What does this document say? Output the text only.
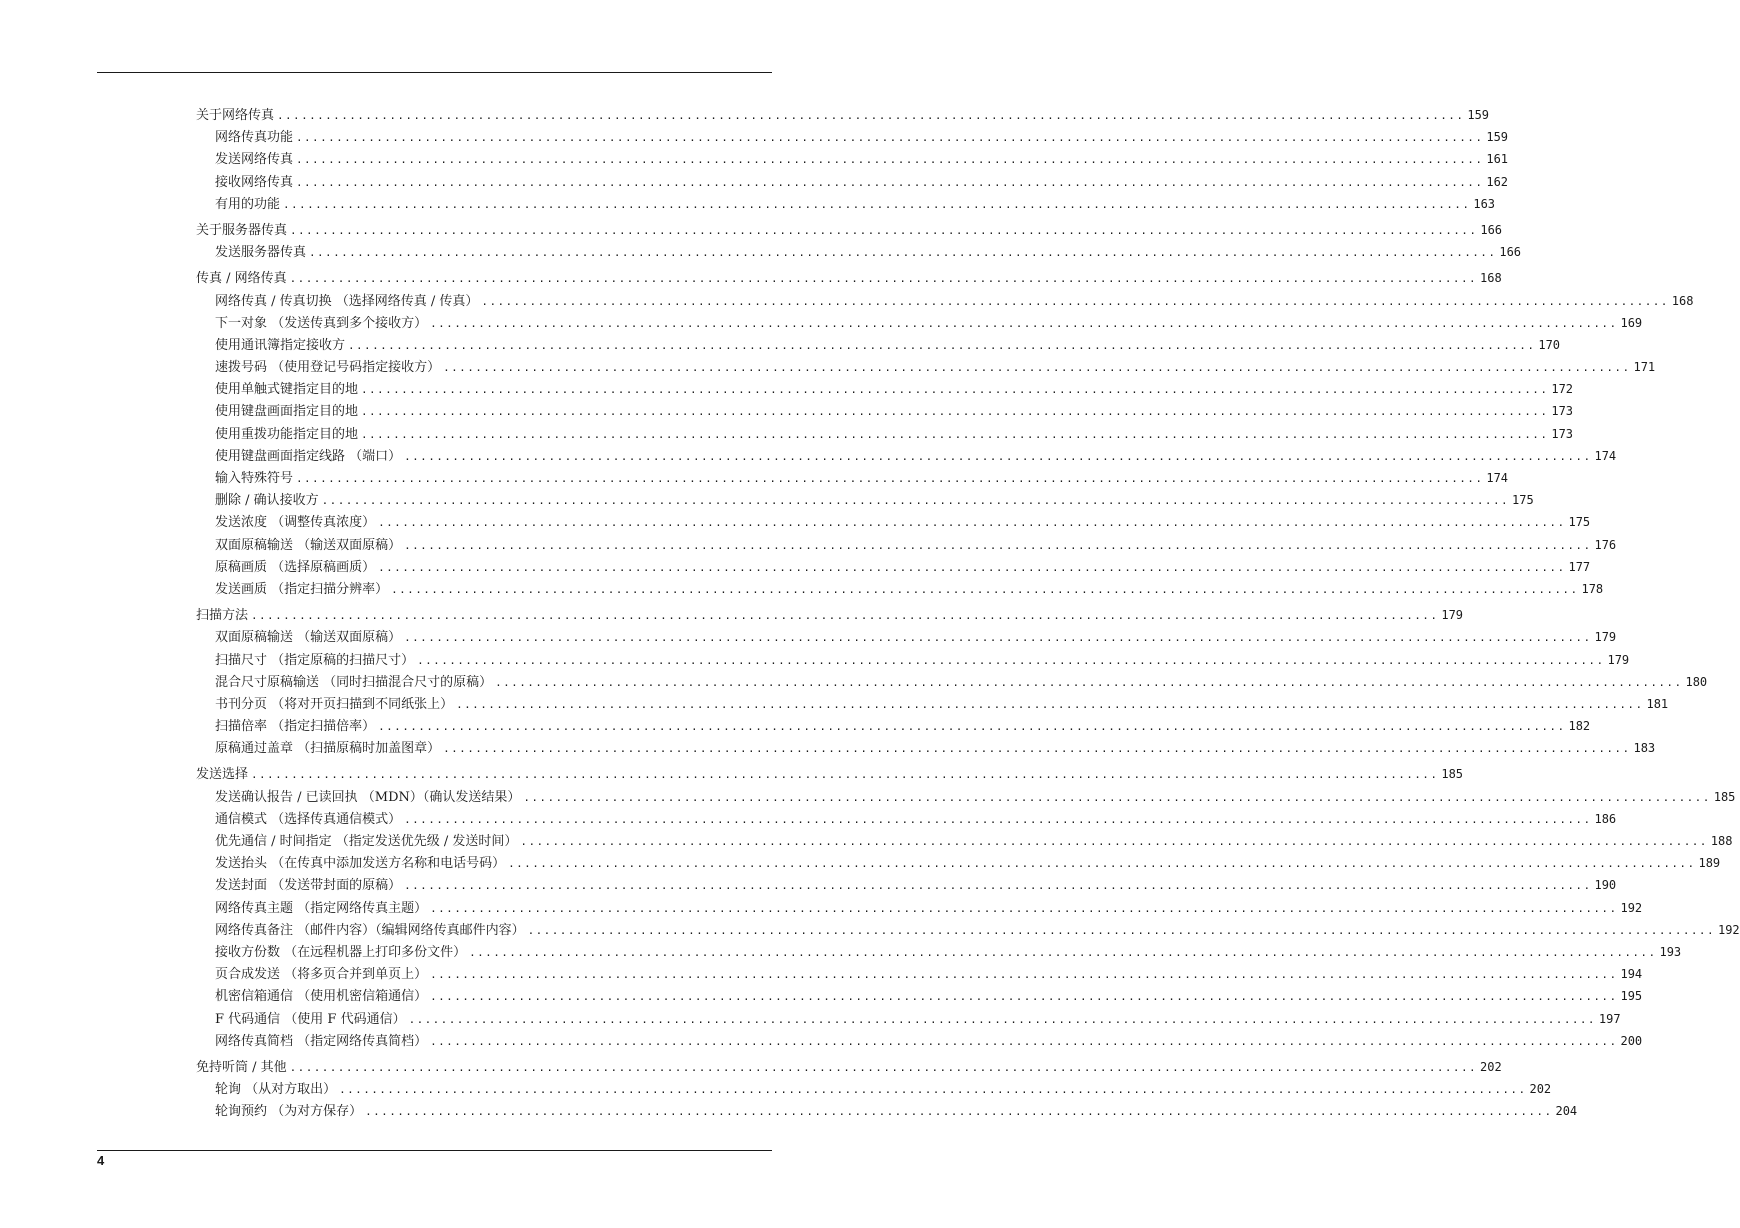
关于网络传真 .................................................................................................................................................... 159
网络传真功能 .................................................................................................................................................... 159
发送网络传真 .................................................................................................................................................... 161
接收网络传真 .................................................................................................................................................... 162
有用的功能 .................................................................................................................................................... 163
关于服务器传真 .................................................................................................................................................... 166
发送服务器传真 .................................................................................................................................................... 166
传真 / 网络传真 .................................................................................................................................................... 168
网络传真 / 传真切换 （选择网络传真 / 传真） .................................................................................................................................................... 168
下一对象 （发送传真到多个接收方） .................................................................................................................................................... 169
使用通讯簿指定接收方 .................................................................................................................................................... 170
速拨号码 （使用登记号码指定接收方） .................................................................................................................................................... 171
使用单触式键指定目的地 .................................................................................................................................................... 172
使用键盘画面指定目的地 .................................................................................................................................................... 173
使用重拨功能指定目的地 .................................................................................................................................................... 173
使用键盘画面指定线路 （端口） .................................................................................................................................................... 174
输入特殊符号 .................................................................................................................................................... 174
删除 / 确认接收方 .................................................................................................................................................... 175
发送浓度 （调整传真浓度） .................................................................................................................................................... 175
双面原稿输送 （输送双面原稿） .................................................................................................................................................... 176
原稿画质 （选择原稿画质） .................................................................................................................................................... 177
发送画质 （指定扫描分辨率） .................................................................................................................................................... 178
扫描方法 .................................................................................................................................................... 179
双面原稿输送 （输送双面原稿） .................................................................................................................................................... 179
扫描尺寸 （指定原稿的扫描尺寸） .................................................................................................................................................... 179
混合尺寸原稿输送 （同时扫描混合尺寸的原稿） .................................................................................................................................................... 180
书刊分页 （将对开页扫描到不同纸张上） .................................................................................................................................................... 181
扫描倍率 （指定扫描倍率） .................................................................................................................................................... 182
原稿通过盖章 （扫描原稿时加盖图章） .................................................................................................................................................... 183
发送选择 .................................................................................................................................................... 185
发送确认报告 / 已读回执 （MDN）（确认发送结果） .................................................................................................................................................... 185
通信模式 （选择传真通信模式） .................................................................................................................................................... 186
优先通信 / 时间指定 （指定发送优先级 / 发送时间） .................................................................................................................................................... 188
发送抬头 （在传真中添加发送方名称和电话号码） .................................................................................................................................................... 189
发送封面 （发送带封面的原稿） .................................................................................................................................................... 190
网络传真主题 （指定网络传真主题） .................................................................................................................................................... 192
网络传真备注 （邮件内容）（编辑网络传真邮件内容） .................................................................................................................................................... 192
接收方份数 （在远程机器上打印多份文件） .................................................................................................................................................... 193
页合成发送 （将多页合并到单页上） .................................................................................................................................................... 194
机密信箱通信 （使用机密信箱通信） .................................................................................................................................................... 195
F 代码通信 （使用 F 代码通信） .................................................................................................................................................... 197
网络传真简档 （指定网络传真简档） .................................................................................................................................................... 200
免持听筒 / 其他 .................................................................................................................................................... 202
轮询 （从对方取出） .................................................................................................................................................... 202
轮询预约 （为对方保存） .................................................................................................................................................... 204
4
